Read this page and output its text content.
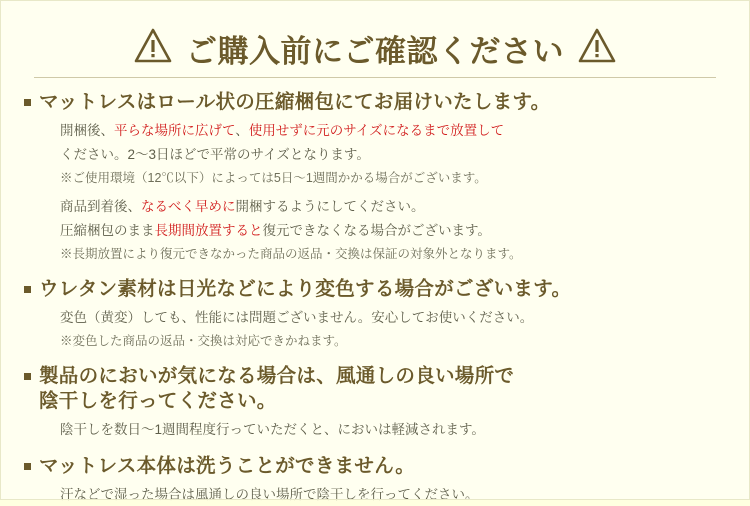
ご購入前にご確認ください
マットレスはロール状の圧縮梱包にてお届けいたします。

開梱後、平らな場所に広げて、使用せずに元のサイズになるまで放置して

ください。2～3日ほどで平常のサイズとなります。

※ご使用環境（12℃以下）によっては5日～1週間かかる場合がございます。

商品到着後、なるべく早めに開梱するようにしてください。

圧縮梱包のまま長期間放置すると復元できなくなる場合がございます。

※長期放置により復元できなかった商品の返品・交換は保証の対象外となります。

ウレタン素材は日光などにより変色する場合がございます。

変色（黄変）しても、性能には問題ございません。安心してお使いください。

※変色した商品の返品・交換は対応できかねます。

製品のにおいが気になる場合は、風通しの良い場所で
陰干しを行ってください。

陰干しを数日～1週間程度行っていただくと、においは軽減されます。

マットレス本体は洗うことができません。

汗などで湿った場合は風通しの良い場所で陰干しを行ってください。
